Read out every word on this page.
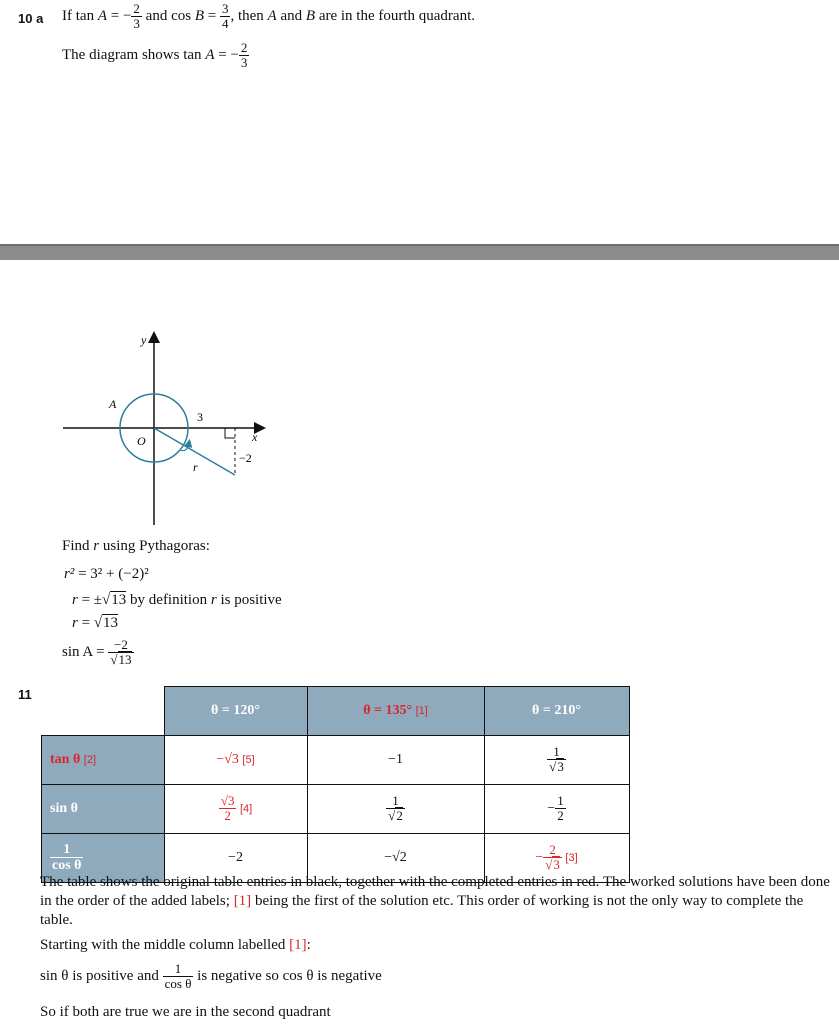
10 a If tan A = − $\frac{2}{3}$ and $\cos B = \frac{3}{4}$ , then A and B are in the fourth quadrant.
The diagram shows tan A = − $\frac{2}{3}$
y
x
O
A
3
−2
r
Find r using Pythagoras:
r² = 3² + (−2)²
r = ±√13 by definition r is positive
r = √13
$\sin A = \frac{-2}{√13}$
11
	θ = 120°	θ = 135° [1]	θ = 210°
tan θ [2]	−√3 [5]	−1	$\frac{1}{√3}$

sin θ	$\frac{√3}{2} [4]$	$\frac{1}{√2}$	− $\frac{1}{2}$

$\frac{1}{\text{cos θ}}$	−2	−√2	− $\frac{2}{√3} [3]$
The table shows the original table entries in black, together with the completed entries in red. The worked solutions have been done in the order of the added labels; [1] being the first of the solution etc. This order of working is not the only way to complete the table.
Starting with the middle column labelled [1]:
sin θ is positive and $\frac{1}{\text{cos θ}}$ is negative so cos θ is negative
So if both are true we are in the second quadrant
